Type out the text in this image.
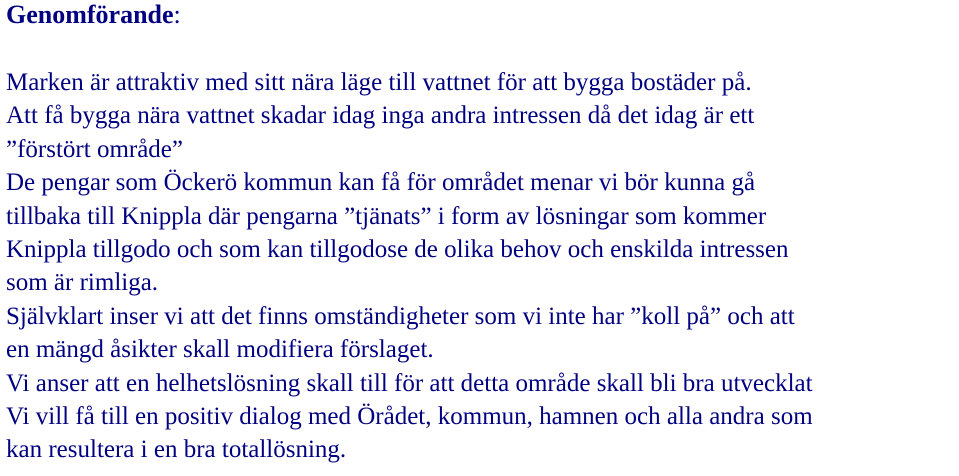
Genomförande:
Marken är attraktiv med sitt nära läge till vattnet för att bygga bostäder på.
Att få bygga nära vattnet skadar idag inga andra intressen då det idag är ett
”förstört område”
De pengar som Öckerö kommun kan få för området menar vi bör kunna gå
tillbaka till Knippla där pengarna ”tjänats” i form av lösningar som kommer
Knippla tillgodo och som kan tillgodose de olika behov och enskilda intressen
som är rimliga.
Självklart inser vi att det finns omständigheter som vi inte har ”koll på” och att
en mängd åsikter skall modifiera förslaget.
Vi anser att en helhetslösning skall till för att detta område skall bli bra utvecklat
Vi vill få till en positiv dialog med Örådet, kommun, hamnen och alla andra som
kan resultera i en bra totallösning.
